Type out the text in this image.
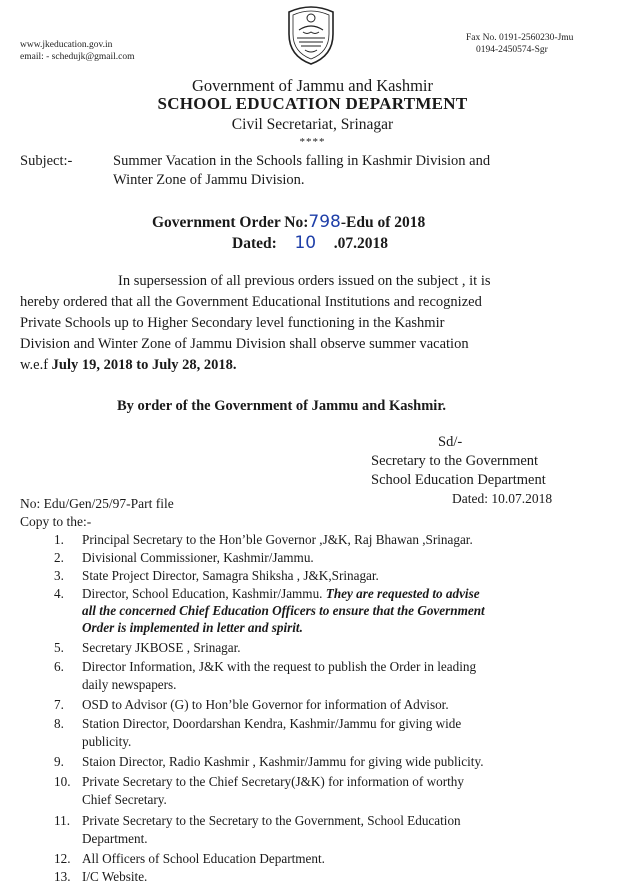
www.jkeducation.gov.in
email: - schedujk@gmail.com
Fax No. 0191-2560230-Jmu
0194-2450574-Sgr
Government of Jammu and Kashmir
SCHOOL EDUCATION DEPARTMENT
Civil Secretariat, Srinagar
****
Subject:-	Summer Vacation in the Schools falling in Kashmir Division and
Winter Zone of Jammu Division.
Government Order No:798-Edu of 2018
Dated: 10 .07.2018
In supersession of all previous orders issued on the subject , it is
hereby ordered that all the Government Educational Institutions and recognized
Private Schools up to Higher Secondary level functioning in the Kashmir
Division and Winter Zone of Jammu Division shall observe summer vacation
w.e.f July 19, 2018 to July 28, 2018.
By order of the Government of Jammu and Kashmir.
Sd/-
Secretary to the Government
School Education Department
Dated: 10.07.2018
No: Edu/Gen/25/97-Part file
Copy to the:-
1. Principal Secretary to the Hon’ble Governor ,J&K, Raj Bhawan ,Srinagar.
2. Divisional Commissioner, Kashmir/Jammu.
3. State Project Director, Samagra Shiksha , J&K,Srinagar.
4. Director, School Education, Kashmir/Jammu. They are requested to advise
all the concerned Chief Education Officers to ensure that the Government
Order is implemented in letter and spirit.
5. Secretary JKBOSE , Srinagar.
6. Director Information, J&K with the request to publish the Order in leading
daily newspapers.
7. OSD to Advisor (G) to Hon’ble Governor for information of Advisor.
8. Station Director, Doordarshan Kendra, Kashmir/Jammu for giving wide
publicity.
9. Staion Director, Radio Kashmir , Kashmir/Jammu for giving wide publicity.
10. Private Secretary to the Chief Secretary(J&K) for information of worthy
Chief Secretary.
11. Private Secretary to the Secretary to the Government, School Education
Department.
12. All Officers of School Education Department.
13. I/C Website.
